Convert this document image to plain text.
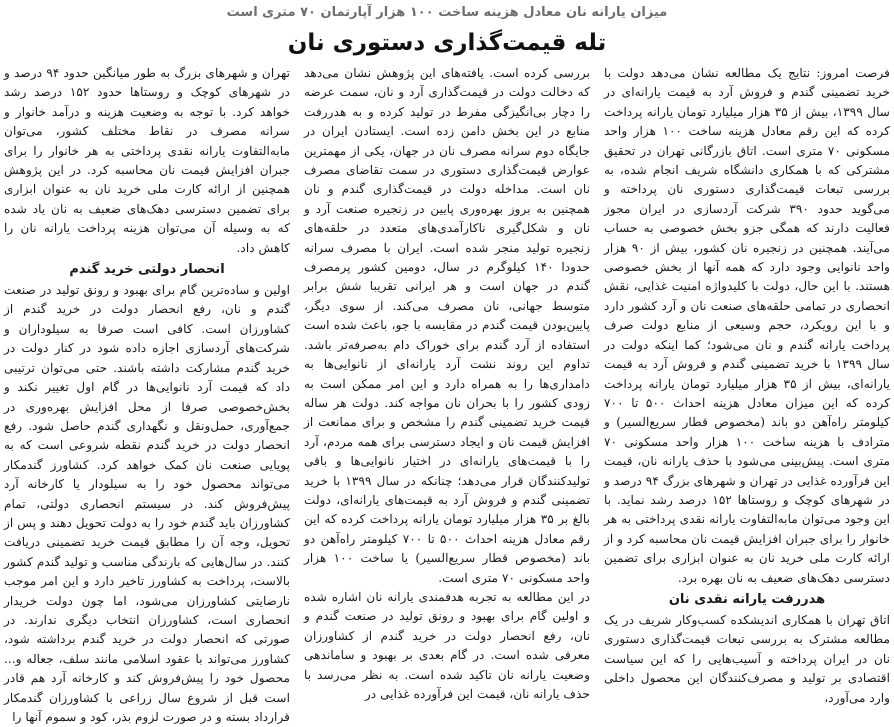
میزان یارانه نان معادل هزینه ساخت ۱۰۰ هزار آپارتمان ۷۰ متری است
تله قیمت‌گذاری دستوری نان

فرصت امروز: نتایج یک مطالعه نشان می‌دهد دولت با خرید تضمینی گندم و فروش آرد به قیمت یارانه‌ای در سال ۱۳۹۹، بیش از ۳۵ هزار میلیارد تومان یارانه پرداخت کرده که این رقم معادل هزینه ساخت ۱۰۰ هزار واحد مسکونی ۷۰ متری است. اتاق بازرگانی تهران در تحقیق مشترکی که با همکاری دانشگاه شریف انجام شده، به بررسی تبعات قیمت‌گذاری دستوری نان پرداخته و می‌گوید حدود ۳۹۰ شرکت آردسازی در ایران مجوز فعالیت دارند که همگی جزو بخش خصوصی به حساب می‌آیند. همچنین در زنجیره نان کشور، بیش از ۹۰ هزار واحد نانوایی وجود دارد که همه آنها از بخش خصوصی هستند. با این حال، دولت با کلیدواژه امنیت غذایی، نقش انحصاری در تمامی حلقه‌های صنعت نان و آرد کشور دارد و با این رویکرد، حجم وسیعی از منابع دولت صرف پرداخت یارانه گندم و نان می‌شود؛ کما اینکه دولت در سال ۱۳۹۹ با خرید تضمینی گندم و فروش آرد به قیمت یارانه‌ای، بیش از ۳۵ هزار میلیارد تومان یارانه پرداخت کرده که این میزان معادل هزینه احداث ۵۰۰ تا ۷۰۰ کیلومتر راه‌آهن دو باند (مخصوص قطار سریع‌السیر) و مترادف با هزینه ساخت ۱۰۰ هزار واحد مسکونی ۷۰ متری است. پیش‌بینی می‌شود با حذف یارانه نان، قیمت این فرآورده غذایی در تهران و شهرهای بزرگ ۹۴ درصد و در شهرهای کوچک و روستاها ۱۵۲ درصد رشد نماید. با این وجود می‌توان مابه‌التفاوت یارانه نقدی پرداختی به هر خانوار را برای جبران افزایش قیمت نان محاسبه کرد و از ارائه کارت ملی خرید نان به عنوان ابزاری برای تضمین دسترسی دهک‌های ضعیف به نان بهره برد.

هدررفت یارانه نقدی نان

اتاق تهران با همکاری اندیشکده کسب‌وکار شریف در یک مطالعه مشترک به بررسی تبعات قیمت‌گذاری دستوری نان در ایران پرداخته و آسیب‌هایی را که این سیاست اقتصادی بر تولید و مصرف‌کنندگان این محصول داخلی وارد می‌آورد،

بررسی کرده است. یافته‌های این پژوهش نشان می‌دهد که دخالت دولت در قیمت‌گذاری آرد و نان، سمت عرضه را دچار بی‌انگیزگی مفرط در تولید کرده و به هدررفت منابع در این بخش دامن زده است. ایستادن ایران در جایگاه دوم سرانه مصرف نان در جهان، یکی از مهمترین عوارض قیمت‌گذاری دستوری در سمت تقاضای مصرف نان است. مداخله دولت در قیمت‌گذاری گندم و نان همچنین به بروز بهره‌وری پایین در زنجیره صنعت آرد و نان و شکل‌گیری ناکارآمدی‌های متعدد در حلقه‌های زنجیره تولید منجر شده است. ایران با مصرف سرانه حدودا ۱۴۰ کیلوگرم در سال، دومین کشور پرمصرف گندم در جهان است و هر ایرانی تقریبا شش برابر متوسط جهانی، نان مصرف می‌کند. از سوی دیگر، پایین‌بودن قیمت گندم در مقایسه با جو، باعث شده است استفاده از آرد گندم برای خوراک دام به‌صرفه‌تر باشد. تداوم این روند نشت آرد یارانه‌ای از نانوایی‌ها به دامداری‌ها را به همراه دارد و این امر ممکن است به زودی کشور را با بحران نان مواجه کند. دولت هر ساله قیمت خرید تضمینی گندم را مشخص و برای ممانعت از افزایش قیمت نان و ایجاد دسترسی برای همه مردم، آرد را با قیمت‌های یارانه‌ای در اختیار نانوایی‌ها و باقی تولیدکنندگان قرار می‌دهد؛ چنانکه در سال ۱۳۹۹ با خرید تضمینی گندم و فروش آرد به قیمت‌های یارانه‌ای، دولت بالغ بر ۳۵ هزار میلیارد تومان یارانه پرداخت کرده که این رقم معادل هزینه احداث ۵۰۰ تا ۷۰۰ کیلومتر راه‌آهن دو باند (مخصوص قطار سریع‌السیر) یا ساخت ۱۰۰ هزار واحد مسکونی ۷۰ متری است.

در این مطالعه به تجربه هدفمندی یارانه نان اشاره شده و اولین گام برای بهبود و رونق تولید در صنعت گندم و نان، رفع انحصار دولت در خرید گندم از کشاورزان معرفی شده است. در گام بعدی بر بهبود و ساماندهی وضعیت یارانه نان تاکید شده است. به نظر می‌رسد با حذف یارانه نان، قیمت این فرآورده غذایی در

تهران و شهرهای بزرگ به طور میانگین حدود ۹۴ درصد و در شهرهای کوچک و روستاها حدود ۱۵۲ درصد رشد خواهد کرد. با توجه به وضعیت هزینه و درآمد خانوار و سرانه مصرف در نقاط مختلف کشور، می‌توان مابه‌التفاوت یارانه نقدی پرداختی به هر خانوار را برای جبران افزایش قیمت نان محاسبه کرد. در این پژوهش همچنین از ارائه کارت ملی خرید نان به عنوان ابزاری برای تضمین دسترسی دهک‌های ضعیف به نان یاد شده که به وسیله آن می‌توان هزینه پرداخت یارانه نان را کاهش داد.

انحصار دولتی خرید گندم

اولین و ساده‌ترین گام برای بهبود و رونق تولید در صنعت گندم و نان، رفع انحصار دولت در خرید گندم از کشاورزان است. کافی است صرفا به سیلوداران و شرکت‌های آردسازی اجازه داده شود در کنار دولت در خرید گندم مشارکت داشته باشند. حتی می‌توان ترتیبی داد که قیمت آرد نانوایی‌ها در گام اول تغییر نکند و بخش‌خصوصی صرفا از محل افزایش بهره‌وری در جمع‌آوری، حمل‌ونقل و نگهداری گندم حاصل شود. رفع انحصار دولت در خرید گندم نقطه شروعی است که به پویایی صنعت نان کمک خواهد کرد. کشاورز گندمکار می‌تواند محصول خود را به سیلودار یا کارخانه آرد پیش‌فروش کند. در سیستم انحصاری دولتی، تمام کشاورزان باید گندم خود را به دولت تحویل دهند و پس از تحویل، وجه آن را مطابق قیمت خرید تضمینی دریافت کنند. در سال‌هایی که بارندگی مناسب و تولید گندم کشور بالاست، پرداخت به کشاورز تاخیر دارد و این امر موجب نارضایتی کشاورزان می‌شود، اما چون دولت خریدار انحصاری است، کشاورزان انتخاب دیگری ندارند. در صورتی که انحصار دولت در خرید گندم برداشته شود، کشاورز می‌تواند با عقود اسلامی مانند سلف، جعاله و... محصول خود را پیش‌فروش کند و کارخانه آرد هم قادر است قبل از شروع سال زراعی با کشاورزان گندمکار قرارداد بسته و در صورت لزوم بذر، کود و سموم آنها را
